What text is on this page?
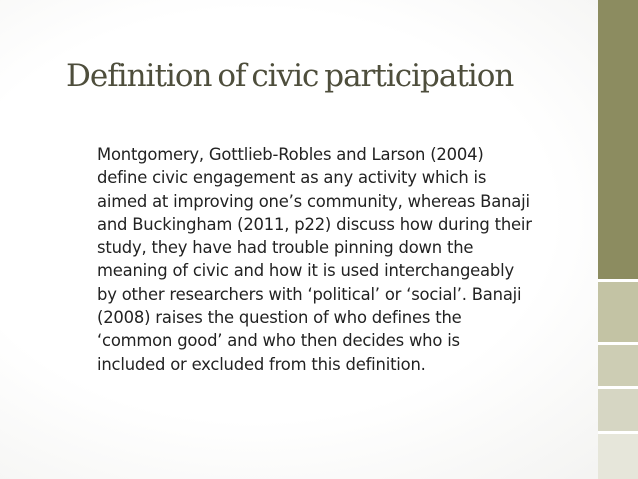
Definition of civic participation
Montgomery, Gottlieb-Robles and Larson (2004)
define civic engagement as any activity which is
aimed at improving one’s community, whereas Banaji
and Buckingham (2011, p22) discuss how during their
study, they have had trouble pinning down the
meaning of civic and how it is used interchangeably
by other researchers with ‘political’ or ‘social’. Banaji
(2008) raises the question of who defines the
‘common good’ and who then decides who is
included or excluded from this definition.
